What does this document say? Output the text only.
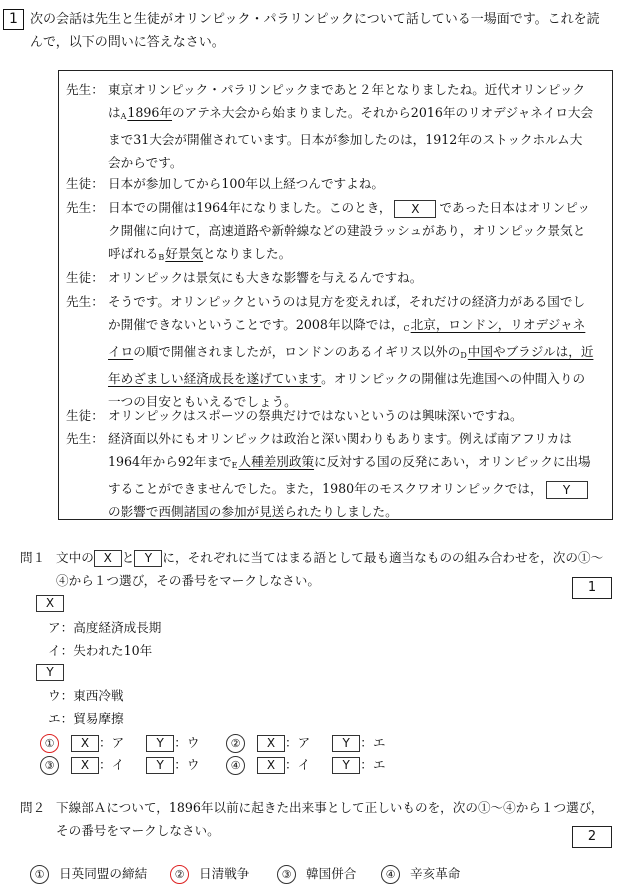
1 次の会話は先生と生徒がオリンピック・パラリンピックについて話している一場面です。これを読んで，以下の問いに答えなさい。
先生： 東京オリンピック・パラリンピックまであと２年となりましたね。近代オリンピックは$_A$1896年のアテネ大会から始まりました。それから2016年のリオデジャネイロ大会まで31大会が開催されています。日本が参加したのは，1912年のストックホルム大会からです。
生徒： 日本が参加してから100年以上経つんですよね。
先生： 日本での開催は1964年になりました。このとき， X であった日本はオリンピック開催に向けて，高速道路や新幹線などの建設ラッシュがあり，オリンピック景気と呼ばれる$_B$好景気となりました。
生徒： オリンピックは景気にも大きな影響を与えるんですね。
先生： そうです。オリンピックというのは見方を変えれば，それだけの経済力がある国でしか開催できないということです。2008年以降では，$_C$北京，ロンドン，リオデジャネイロの順で開催されましたが，ロンドンのあるイギリス以外の$_D$中国やブラジルは，近年めざましい経済成長を遂げています。オリンピックの開催は先進国への仲間入りの一つの目安ともいえるでしょう。
生徒： オリンピックはスポーツの祭典だけではないというのは興味深いですね。
先生： 経済面以外にもオリンピックは政治と深い関わりもあります。例えば南アフリカは1964年から92年まで$_E$人種差別政策に反対する国の反発にあい，オリンピックに出場することができませんでした。また，1980年のモスクワオリンピックでは， Yの影響で西側諸国の参加が見送られたりしました。
問１ 文中の X と Y に，それぞれに当てはまる語として最も適当なものの組み合わせを，次の①～④から１つ選び，その番号をマークしなさい。	1
X
ア：高度経済成長期
イ：失われた10年
Y
ウ：東西冷戦
エ：貿易摩擦
① X ：ア	Y ：ウ	② X ：ア	Y ：エ
③ X ：イ	Y ：ウ	④ X ：イ	Y ：エ
問２ 下線部Ａについて，1896年以前に起きた出来事として正しいものを，次の①～④から１つ選び，その番号をマークしなさい。	2
① 日英同盟の締結	② 日清戦争	③ 韓国併合	④ 辛亥革命
